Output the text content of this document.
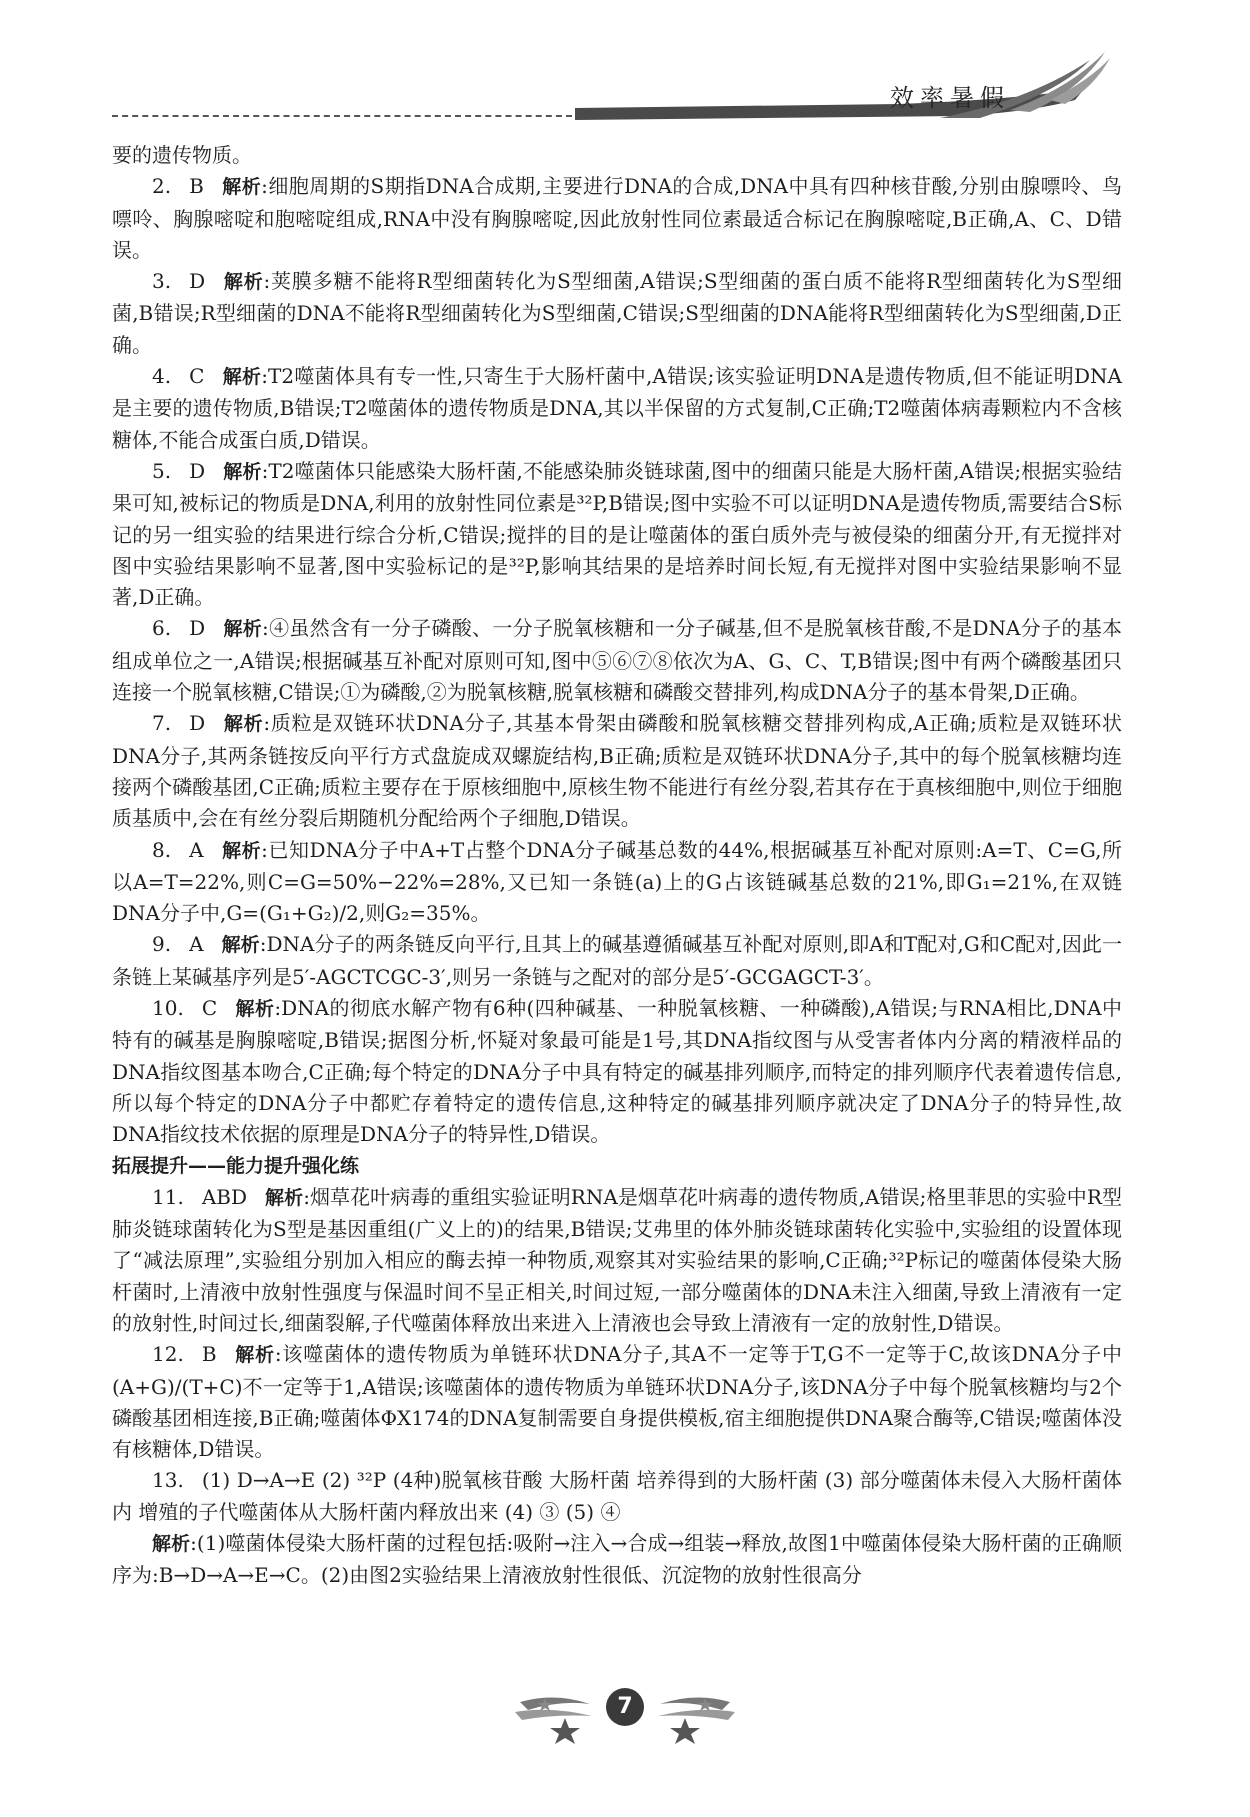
效率暑假

要的遗传物质。

2. B 解析:细胞周期的S期指DNA合成期,主要进行DNA的合成,DNA中具有四种核苷酸,分别由腺嘌呤、鸟嘌呤、胸腺嘧啶和胞嘧啶组成,RNA中没有胸腺嘧啶,因此放射性同位素最适合标记在胸腺嘧啶,B正确,A、C、D错误。

3. D 解析:荚膜多糖不能将R型细菌转化为S型细菌,A错误;S型细菌的蛋白质不能将R型细菌转化为S型细菌,B错误;R型细菌的DNA不能将R型细菌转化为S型细菌,C错误;S型细菌的DNA能将R型细菌转化为S型细菌,D正确。

4. C 解析:T2噬菌体具有专一性,只寄生于大肠杆菌中,A错误;该实验证明DNA是遗传物质,但不能证明DNA是主要的遗传物质,B错误;T2噬菌体的遗传物质是DNA,其以半保留的方式复制,C正确;T2噬菌体病毒颗粒内不含核糖体,不能合成蛋白质,D错误。

5. D 解析:T2噬菌体只能感染大肠杆菌,不能感染肺炎链球菌,图中的细菌只能是大肠杆菌,A错误;根据实验结果可知,被标记的物质是DNA,利用的放射性同位素是³²P,B错误;图中实验不可以证明DNA是遗传物质,需要结合S标记的另一组实验的结果进行综合分析,C错误;搅拌的目的是让噬菌体的蛋白质外壳与被侵染的细菌分开,有无搅拌对图中实验结果影响不显著,图中实验标记的是³²P,影响其结果的是培养时间长短,有无搅拌对图中实验结果影响不显著,D正确。

6. D 解析:④虽然含有一分子磷酸、一分子脱氧核糖和一分子碱基,但不是脱氧核苷酸,不是DNA分子的基本组成单位之一,A错误;根据碱基互补配对原则可知,图中⑤⑥⑦⑧依次为A、G、C、T,B错误;图中有两个磷酸基团只连接一个脱氧核糖,C错误;①为磷酸,②为脱氧核糖,脱氧核糖和磷酸交替排列,构成DNA分子的基本骨架,D正确。

7. D 解析:质粒是双链环状DNA分子,其基本骨架由磷酸和脱氧核糖交替排列构成,A正确;质粒是双链环状DNA分子,其两条链按反向平行方式盘旋成双螺旋结构,B正确;质粒是双链环状DNA分子,其中的每个脱氧核糖均连接两个磷酸基团,C正确;质粒主要存在于原核细胞中,原核生物不能进行有丝分裂,若其存在于真核细胞中,则位于细胞质基质中,会在有丝分裂后期随机分配给两个子细胞,D错误。

8. A 解析:已知DNA分子中A+T占整个DNA分子碱基总数的44%,根据碱基互补配对原则:A=T、C=G,所以A=T=22%,则C=G=50%−22%=28%,又已知一条链(a)上的G占该链碱基总数的21%,即G₁=21%,在双链DNA分子中,G=(G₁+G₂)/2,则G₂=35%。

9. A 解析:DNA分子的两条链反向平行,且其上的碱基遵循碱基互补配对原则,即A和T配对,G和C配对,因此一条链上某碱基序列是5′-AGCTCGC-3′,则另一条链与之配对的部分是5′-GCGAGCT-3′。

10. C 解析:DNA的彻底水解产物有6种(四种碱基、一种脱氧核糖、一种磷酸),A错误;与RNA相比,DNA中特有的碱基是胸腺嘧啶,B错误;据图分析,怀疑对象最可能是1号,其DNA指纹图与从受害者体内分离的精液样品的DNA指纹图基本吻合,C正确;每个特定的DNA分子中具有特定的碱基排列顺序,而特定的排列顺序代表着遗传信息,所以每个特定的DNA分子中都贮存着特定的遗传信息,这种特定的碱基排列顺序就决定了DNA分子的特异性,故DNA指纹技术依据的原理是DNA分子的特异性,D错误。

拓展提升——能力提升强化练

11. ABD 解析:烟草花叶病毒的重组实验证明RNA是烟草花叶病毒的遗传物质,A错误;格里菲思的实验中R型肺炎链球菌转化为S型是基因重组(广义上的)的结果,B错误;艾弗里的体外肺炎链球菌转化实验中,实验组的设置体现了“减法原理”,实验组分别加入相应的酶去掉一种物质,观察其对实验结果的影响,C正确;³²P标记的噬菌体侵染大肠杆菌时,上清液中放射性强度与保温时间不呈正相关,时间过短,一部分噬菌体的DNA未注入细菌,导致上清液有一定的放射性,时间过长,细菌裂解,子代噬菌体释放出来进入上清液也会导致上清液有一定的放射性,D错误。

12. B 解析:该噬菌体的遗传物质为单链环状DNA分子,其A不一定等于T,G不一定等于C,故该DNA分子中(A+G)/(T+C)不一定等于1,A错误;该噬菌体的遗传物质为单链环状DNA分子,该DNA分子中每个脱氧核糖均与2个磷酸基团相连接,B正确;噬菌体ΦX174的DNA复制需要自身提供模板,宿主细胞提供DNA聚合酶等,C错误;噬菌体没有核糖体,D错误。

13. (1) D→A→E (2) ³²P (4种)脱氧核苷酸 大肠杆菌 培养得到的大肠杆菌 (3) 部分噬菌体未侵入大肠杆菌体内 增殖的子代噬菌体从大肠杆菌内释放出来 (4) ③ (5) ④

解析:(1)噬菌体侵染大肠杆菌的过程包括:吸附→注入→合成→组装→释放,故图1中噬菌体侵染大肠杆菌的正确顺序为:B→D→A→E→C。(2)由图2实验结果上清液放射性很低、沉淀物的放射性很高分

7
